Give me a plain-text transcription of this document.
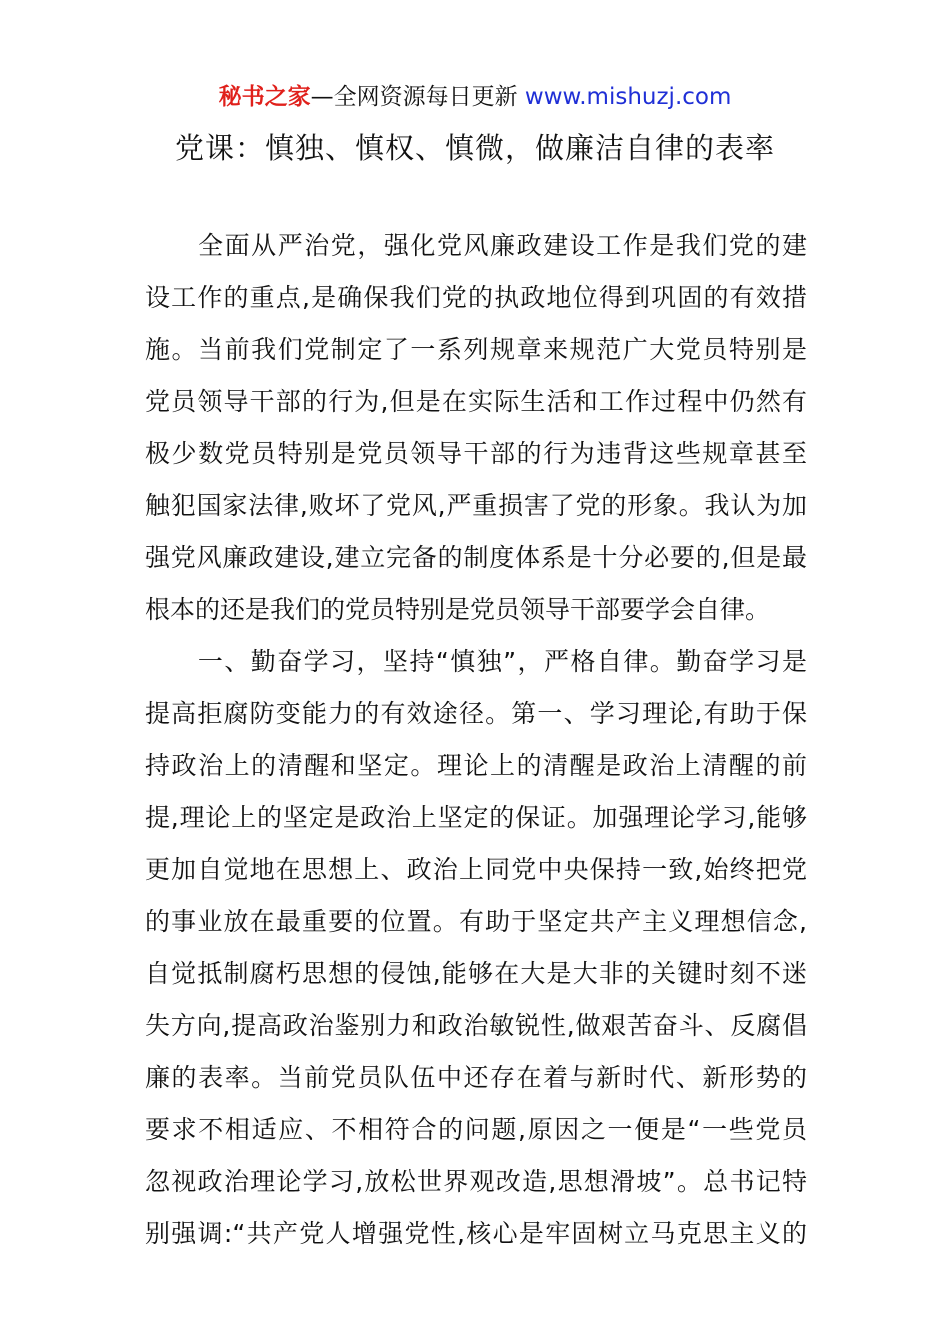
秘书之家—全网资源每日更新 www.mishuzj.com
党课：慎独、慎权、慎微，做廉洁自律的表率
　　全面从严治党，强化党风廉政建设工作是我们党的建
设工作的重点,是确保我们党的执政地位得到巩固的有效措
施。当前我们党制定了一系列规章来规范广大党员特别是
党员领导干部的行为,但是在实际生活和工作过程中仍然有
极少数党员特别是党员领导干部的行为违背这些规章甚至
触犯国家法律,败坏了党风,严重损害了党的形象。我认为加
强党风廉政建设,建立完备的制度体系是十分必要的,但是最
根本的还是我们的党员特别是党员领导干部要学会自律。
　　一、勤奋学习，坚持“慎独”，严格自律。勤奋学习是
提高拒腐防变能力的有效途径。第一、学习理论,有助于保
持政治上的清醒和坚定。理论上的清醒是政治上清醒的前
提,理论上的坚定是政治上坚定的保证。加强理论学习,能够
更加自觉地在思想上、政治上同党中央保持一致,始终把党
的事业放在最重要的位置。有助于坚定共产主义理想信念,
自觉抵制腐朽思想的侵蚀,能够在大是大非的关键时刻不迷
失方向,提高政治鉴别力和政治敏锐性,做艰苦奋斗、反腐倡
廉的表率。当前党员队伍中还存在着与新时代、新形势的
要求不相适应、不相符合的问题,原因之一便是“一些党员
忽视政治理论学习,放松世界观改造,思想滑坡”。总书记特
别强调:“共产党人增强党性,核心是牢固树立马克思主义的
